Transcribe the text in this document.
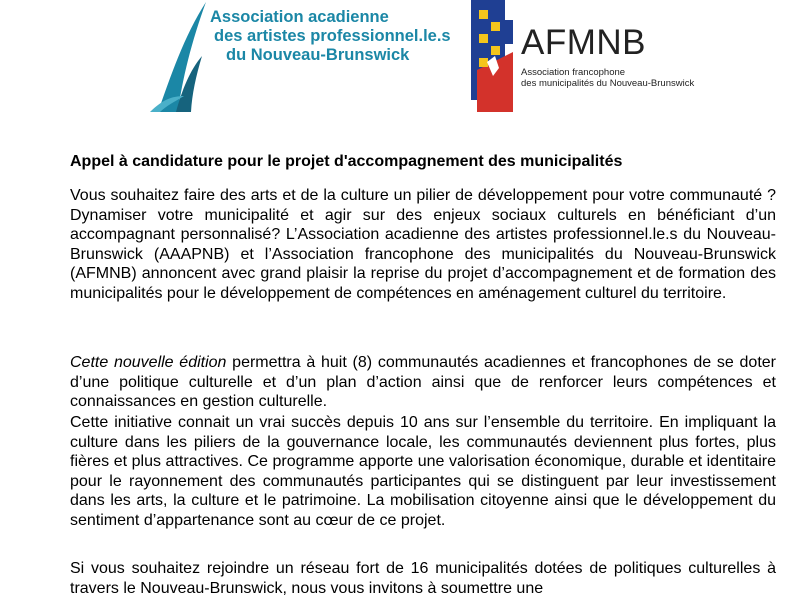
Association acadienne
des artistes professionnel.le.s
du Nouveau-Brunswick	AFMNB
Association francophone
des municipalités du Nouveau-Brunswick
Appel à candidature pour le projet d'accompagnement des municipalités
Vous souhaitez faire des arts et de la culture un pilier de développement pour votre communauté ? Dynamiser votre municipalité et agir sur des enjeux sociaux culturels en bénéficiant d’un accompagnant personnalisé? L’Association acadienne des artistes professionnel.le.s du Nouveau-Brunswick (AAAPNB) et l’Association francophone des municipalités du Nouveau-Brunswick (AFMNB) annoncent avec grand plaisir la reprise du projet d’accompagnement et de formation des municipalités pour le développement de compétences en aménagement culturel du territoire.
Cette nouvelle édition permettra à huit (8) communautés acadiennes et francophones de se doter d’une politique culturelle et d’un plan d’action ainsi que de renforcer leurs compétences et connaissances en gestion culturelle.
Cette initiative connait un vrai succès depuis 10 ans sur l’ensemble du territoire. En impliquant la culture dans les piliers de la gouvernance locale, les communautés deviennent plus fortes, plus fières et plus attractives. Ce programme apporte une valorisation économique, durable et identitaire pour le rayonnement des communautés participantes qui se distinguent par leur investissement dans les arts, la culture et le patrimoine. La mobilisation citoyenne ainsi que le développement du sentiment d’appartenance sont au cœur de ce projet.
Si vous souhaitez rejoindre un réseau fort de 16 municipalités dotées de politiques culturelles à travers le Nouveau-Brunswick, nous vous invitons à soumettre une
